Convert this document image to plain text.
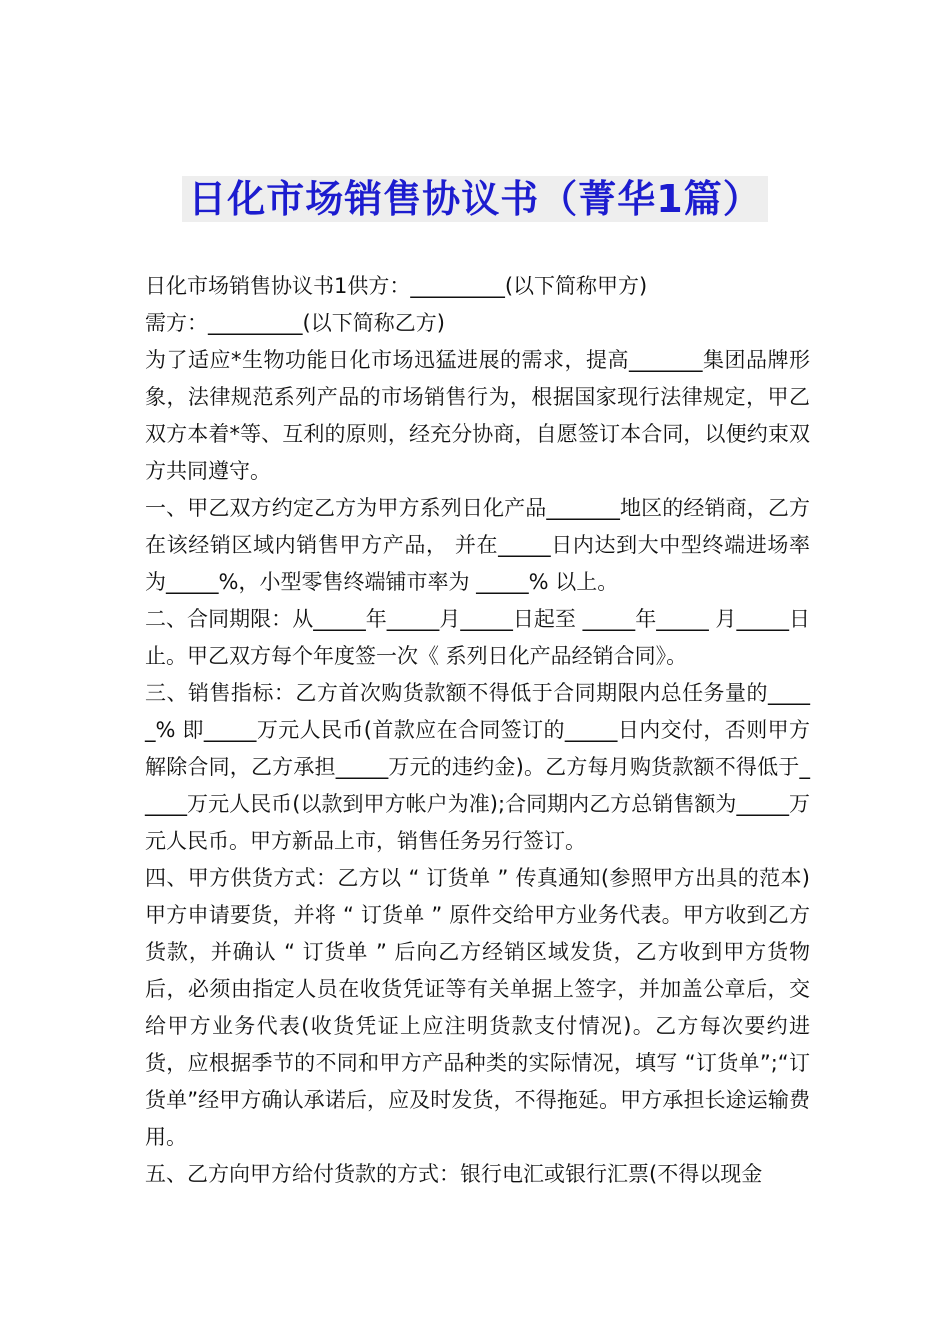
日化市场销售协议书（菁华1篇）

日化市场销售协议书1供方：_________(以下简称甲方)

需方：_________(以下简称乙方)

为了适应*生物功能日化市场迅猛进展的需求，提高_______集团品牌形象，法律规范系列产品的市场销售行为，根据国家现行法律规定，甲乙双方本着*等、互利的原则，经充分协商，自愿签订本合同，以便约束双方共同遵守。

一、甲乙双方约定乙方为甲方系列日化产品_______地区的经销商，乙方 在该经销区域内销售甲方产品， 并在_____日内达到大中型终端进场率为_____%，小型零售终端铺市率为 _____% 以上。

二、合同期限：从_____年_____月_____日起至 _____年_____ 月_____日 止。甲乙双方每个年度签一次《 系列日化产品经销合同》。

三、销售指标：乙方首次购货款额不得低于合同期限内总任务量的_____% 即_____万元人民币(首款应在合同签订的_____日内交付，否则甲方解除合同，乙方承担_____万元的违约金)。乙方每月购货款额不得低于_____万元人民币(以款到甲方帐户为准);合同期内乙方总销售额为_____万元人民币。甲方新品上市，销售任务另行签订。

四、甲方供货方式：乙方以 “ 订货单 ” 传真通知(参照甲方出具的范本)甲方申请要货，并将 “ 订货单 ” 原件交给甲方业务代表。甲方收到乙方货款，并确认 “ 订货单 ” 后向乙方经销区域发货，乙方收到甲方货物后，必须由指定人员在收货凭证等有关单据上签字，并加盖公章后，交给甲方业务代表(收货凭证上应注明货款支付情况)。乙方每次要约进货，应根据季节的不同和甲方产品种类的实际情况，填写 “订货单”;“订货单”经甲方确认承诺后，应及时发货，不得拖延。甲方承担长途运输费用。

五、乙方向甲方给付货款的方式：银行电汇或银行汇票(不得以现金
